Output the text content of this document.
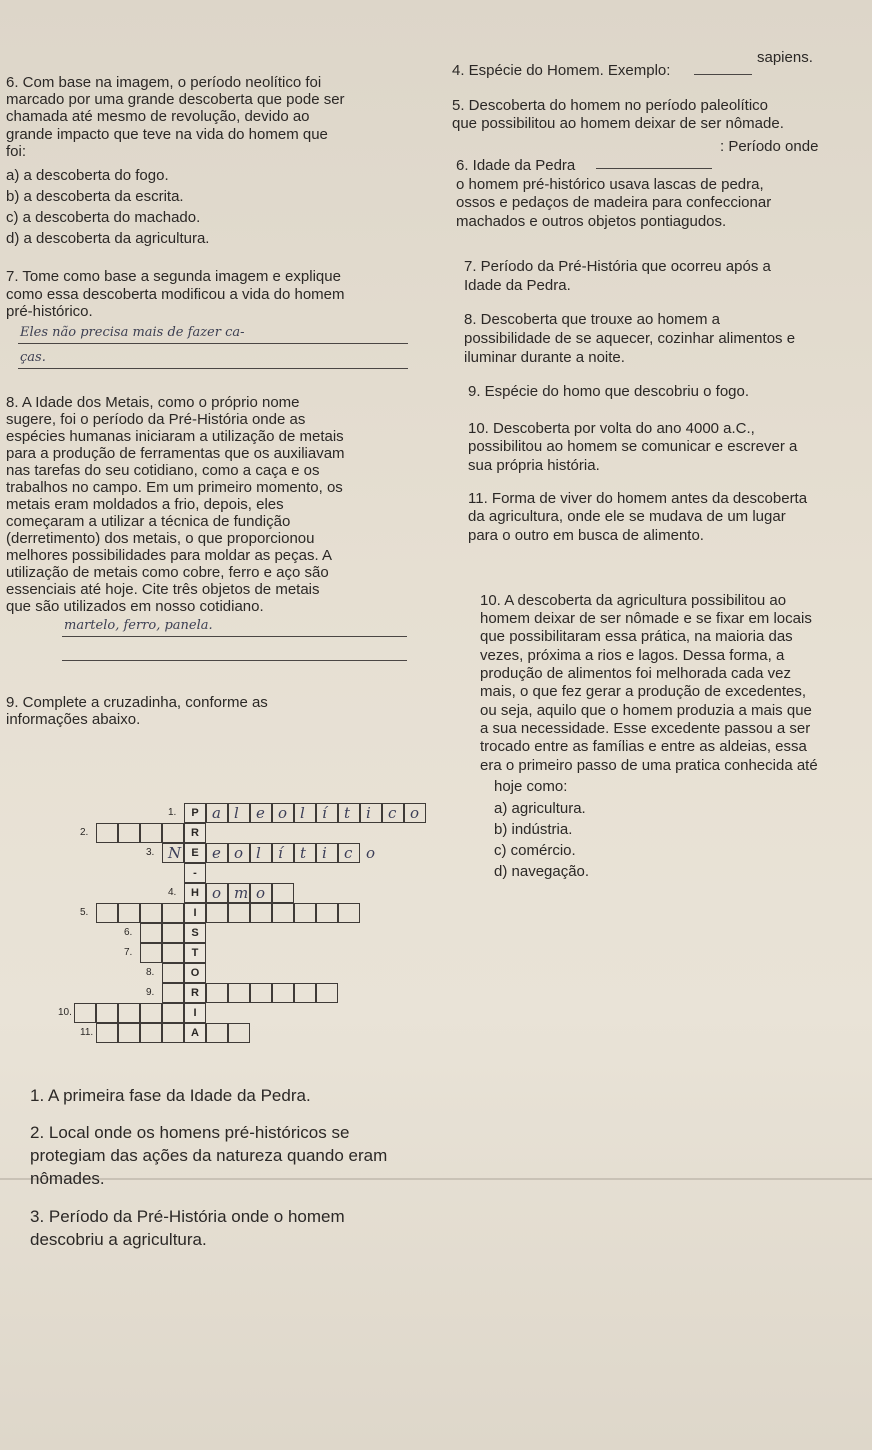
sapiens.
6. Com base na imagem, o período neolítico foi
marcado por uma grande descoberta que pode ser
chamada até mesmo de revolução, devido ao
grande impacto que teve na vida do homem que
foi:
a) a descoberta do fogo.
b) a descoberta da escrita.
c) a descoberta do machado.
d) a descoberta da agricultura.
7. Tome como base a segunda imagem e explique
como essa descoberta modificou a vida do homem
pré-histórico.
Eles não precisa mais de fazer ca-
ças.
8. A Idade dos Metais, como o próprio nome
sugere, foi o período da Pré-História onde as
espécies humanas iniciaram a utilização de metais
para a produção de ferramentas que os auxiliavam
nas tarefas do seu cotidiano, como a caça e os
trabalhos no campo. Em um primeiro momento, os
metais eram moldados a frio, depois, eles
começaram a utilizar a técnica de fundição
(derretimento) dos metais, o que proporcionou
melhores possibilidades para moldar as peças. A
utilização de metais como cobre, ferro e aço são
essenciais até hoje. Cite três objetos de metais
que são utilizados em nosso cotidiano.
martelo, ferro, panela.
9. Complete a cruzadinha, conforme as
informações abaixo.
P
1.
R
2.
E
3.
-
H
4.
I
5.
S
6.
T
7.
O
8.
R
9.
I
10.
A
11.
a l e o l í t i c o
N e o l í t i c o
o m o
1. A primeira fase da Idade da Pedra.
2. Local onde os homens pré-históricos se
protegiam das ações da natureza quando eram
nômades.
3. Período da Pré-História onde o homem
descobriu a agricultura.
4. Espécie do Homem. Exemplo:
5. Descoberta do homem no período paleolítico
que possibilitou ao homem deixar de ser nômade.
: Período onde
6. Idade da Pedra
o homem pré-histórico usava lascas de pedra,
ossos e pedaços de madeira para confeccionar
machados e outros objetos pontiagudos.
7. Período da Pré-História que ocorreu após a
Idade da Pedra.
8. Descoberta que trouxe ao homem a
possibilidade de se aquecer, cozinhar alimentos e
iluminar durante a noite.
9. Espécie do homo que descobriu o fogo.
10. Descoberta por volta do ano 4000 a.C.,
possibilitou ao homem se comunicar e escrever a
sua própria história.
11. Forma de viver do homem antes da descoberta
da agricultura, onde ele se mudava de um lugar
para o outro em busca de alimento.
10. A descoberta da agricultura possibilitou ao
homem deixar de ser nômade e se fixar em locais
que possibilitaram essa prática, na maioria das
vezes, próxima a rios e lagos. Dessa forma, a
produção de alimentos foi melhorada cada vez
mais, o que fez gerar a produção de excedentes,
ou seja, aquilo que o homem produzia a mais que
a sua necessidade. Esse excedente passou a ser
trocado entre as famílias e entre as aldeias, essa
era o primeiro passo de uma pratica conhecida até
hoje como:
a) agricultura.
b) indústria.
c) comércio.
d) navegação.
